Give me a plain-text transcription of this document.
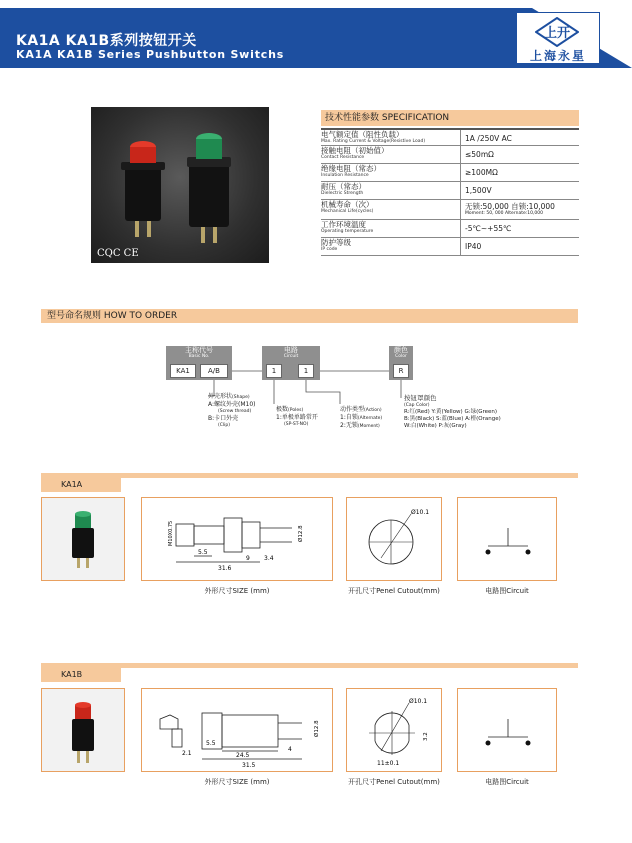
KA1A KA1B系列按钮开关
KA1A KA1B Series Pushbutton Switchs
上开
上海永星
CQC CE
技术性能参数 SPECIFICATION
电气额定值（阻性负载）
Max. Rating Current & Voltage(Resistive Load)	1A /250V AC
接触电阻（初始值）
Contact Resistance	≤50mΩ
绝缘电阻（常态）
Insulation Resistance	≥100MΩ
耐压（常态）
Dielectric Strength	1,500V
机械寿命（次）
Mechanical Life(cycles)
无锁:50,000 自锁:10,000
Moment: 50, 000 Alternate:10,000
工作环境温度
Operating temperature	-5℃~+55℃
防护等级
IP code	IP40
型号命名规则 HOW TO ORDER
主称代号
Basic No.
电路
Circuit
颜色
Color
KA1	A/B	1	1	R
外壳形状(Shape)
A:螺纹外壳(M10)
(Screw thread)
B:卡口外壳
(Clip)
极数(Poles)
1:单极单路常开
(SP-ST-NO)
动作类型(Action)
1:自锁(Alternate)
2:无锁(Moment)
按钮罩颜色
(Cap Color)
R:红(Red) Y:黄(Yellow) G:绿(Green)
B:黑(Black) S:蓝(Blue) A:橙(Orange)
W:白(White) P:灰(Gray)
KA1A
31.6
5.5
9 3.4
Ø12.8
M10X0.75
外形尺寸SIZE (mm)
Ø10.1
开孔尺寸Penel Cutout(mm)	电路图Circuit
KA1B
31.5
24.5
5.5
2.1
4
Ø12.8
外形尺寸SIZE (mm)
Ø10.1
11±0.1
3.2
开孔尺寸Penel Cutout(mm)	电路图Circuit
